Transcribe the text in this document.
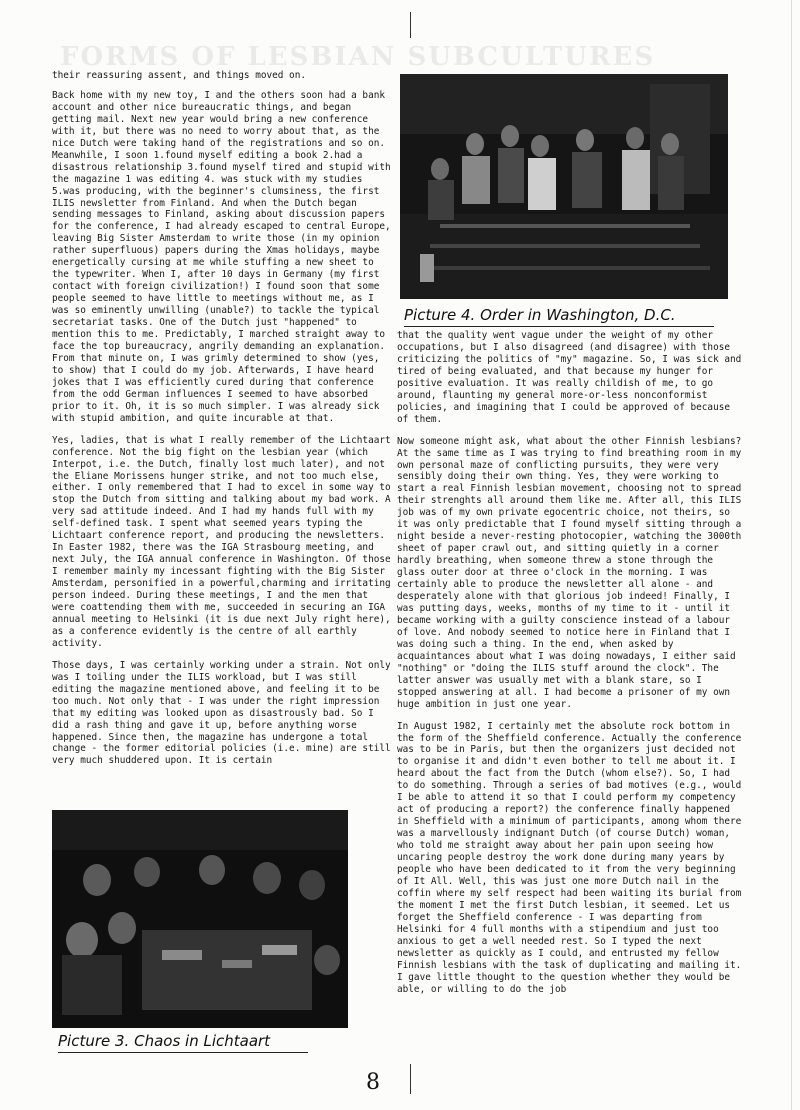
FORMS OF LESBIAN SUBCULTURES

their reassuring assent, and things moved on.

Back home with my new toy, I and the others soon had a bank account and other nice bureaucratic things, and began getting mail. Next new year would bring a new conference with it, but there was no need to worry about that, as the nice Dutch were taking hand of the registrations and so on. Meanwhile, I soon 1.found myself editing a book 2.had a disastrous relationship 3.found myself tired and stupid with the magazine 1 was editing 4. was stuck with my studies 5.was producing, with the beginner's clumsiness, the first ILIS newsletter from Finland. And when the Dutch began sending messages to Finland, asking about discussion papers for the conference, I had already escaped to central Europe, leaving Big Sister Amsterdam to write those (in my opinion rather superfluous) papers during the Xmas holidays, maybe energetically cursing at me while stuffing a new sheet to the typewriter. When I, after 10 days in Germany (my first contact with foreign civilization!) I found soon that some people seemed to have little to meetings without me, as I was so eminently unwilling (unable?) to tackle the typical secretariat tasks. One of the Dutch just "happened" to mention this to me. Predictably, I marched straight away to face the top bureaucracy, angrily demanding an explanation. From that minute on, I was grimly determined to show (yes, to show) that I could do my job. Afterwards, I have heard jokes that I was efficiently cured during that conference from the odd German influences I seemed to have absorbed prior to it. Oh, it is so much simpler. I was already sick with stupid ambition, and quite incurable at that.

Yes, ladies, that is what I really remember of the Lichtaart conference. Not the big fight on the lesbian year (which Interpot, i.e. the Dutch, finally lost much later), and not the Eliane Morissens hunger strike, and not too much else, either. I only remembered that I had to excel in some way to stop the Dutch from sitting and talking about my bad work. A very sad attitude indeed. And I had my hands full with my self-defined task. I spent what seemed years typing the Lichtaart conference report, and producing the newsletters. In Easter 1982, there was the IGA Strasbourg meeting, and next July, the IGA annual conference in Washington. Of those I remember mainly my incessant fighting with the Big Sister Amsterdam, personified in a powerful,charming and irritating person indeed. During these meetings, I and the men that were coattending them with me, succeeded in securing an IGA annual meeting to Helsinki (it is due next July right here), as a conference evidently is the centre of all earthly activity.

Those days, I was certainly working under a strain. Not only was I toiling under the ILIS workload, but I was still editing the magazine mentioned above, and feeling it to be too much. Not only that - I was under the right impression that my editing was looked upon as disastrously bad. So I did a rash thing and gave it up, before anything worse happened. Since then, the magazine has undergone a total change - the former editorial policies (i.e. mine) are still very much shuddered upon. It is certain

Picture 4. Order in Washington, D.C.

that the quality went vague under the weight of my other occupations, but I also disagreed (and disagree) with those criticizing the politics of "my" magazine. So, I was sick and tired of being evaluated, and that because my hunger for positive evaluation. It was really childish of me, to go around, flaunting my general more-or-less nonconformist policies, and imagining that I could be approved of because of them.

Now someone might ask, what about the other Finnish lesbians? At the same time as I was trying to find breathing room in my own personal maze of conflicting pursuits, they were very sensibly doing their own thing. Yes, they were working to start a real Finnish lesbian movement, choosing not to spread their strenghts all around them like me. After all, this ILIS job was of my own private egocentric choice, not theirs, so it was only predictable that I found myself sitting through a night beside a never-resting photocopier, watching the 3000th sheet of paper crawl out, and sitting quietly in a corner hardly breathing, when someone threw a stone through the glass outer door at three o'clock in the morning. I was certainly able to produce the newsletter all alone - and desperately alone with that glorious job indeed! Finally, I was putting days, weeks, months of my time to it - until it became working with a guilty conscience instead of a labour of love. And nobody seemed to notice here in Finland that I was doing such a thing. In the end, when asked by acquaintances about what I was doing nowadays, I either said "nothing" or "doing the ILIS stuff around the clock". The latter answer was usually met with a blank stare, so I stopped answering at all. I had become a prisoner of my own huge ambition in just one year.

In August 1982, I certainly met the absolute rock bottom in the form of the Sheffield conference. Actually the conference was to be in Paris, but then the organizers just decided not to organise it and didn't even bother to tell me about it. I heard about the fact from the Dutch (whom else?). So, I had to do something. Through a series of bad motives (e.g., would I be able to attend it so that I could perform my competency act of producing a report?) the conference finally happened in Sheffield with a minimum of participants, among whom there was a marvellously indignant Dutch (of course Dutch) woman, who told me straight away about her pain upon seeing how uncaring people destroy the work done during many years by people who have been dedicated to it from the very beginning of It All. Well, this was just one more Dutch nail in the coffin where my self respect had been waiting its burial from the moment I met the first Dutch lesbian, it seemed. Let us forget the Sheffield conference - I was departing from Helsinki for 4 full months with a stipendium and just too anxious to get a well needed rest. So I typed the next newsletter as quickly as I could, and entrusted my fellow Finnish lesbians with the task of duplicating and mailing it. I gave little thought to the question whether they would be able, or willing to do the job

Picture 3. Chaos in Lichtaart
8
